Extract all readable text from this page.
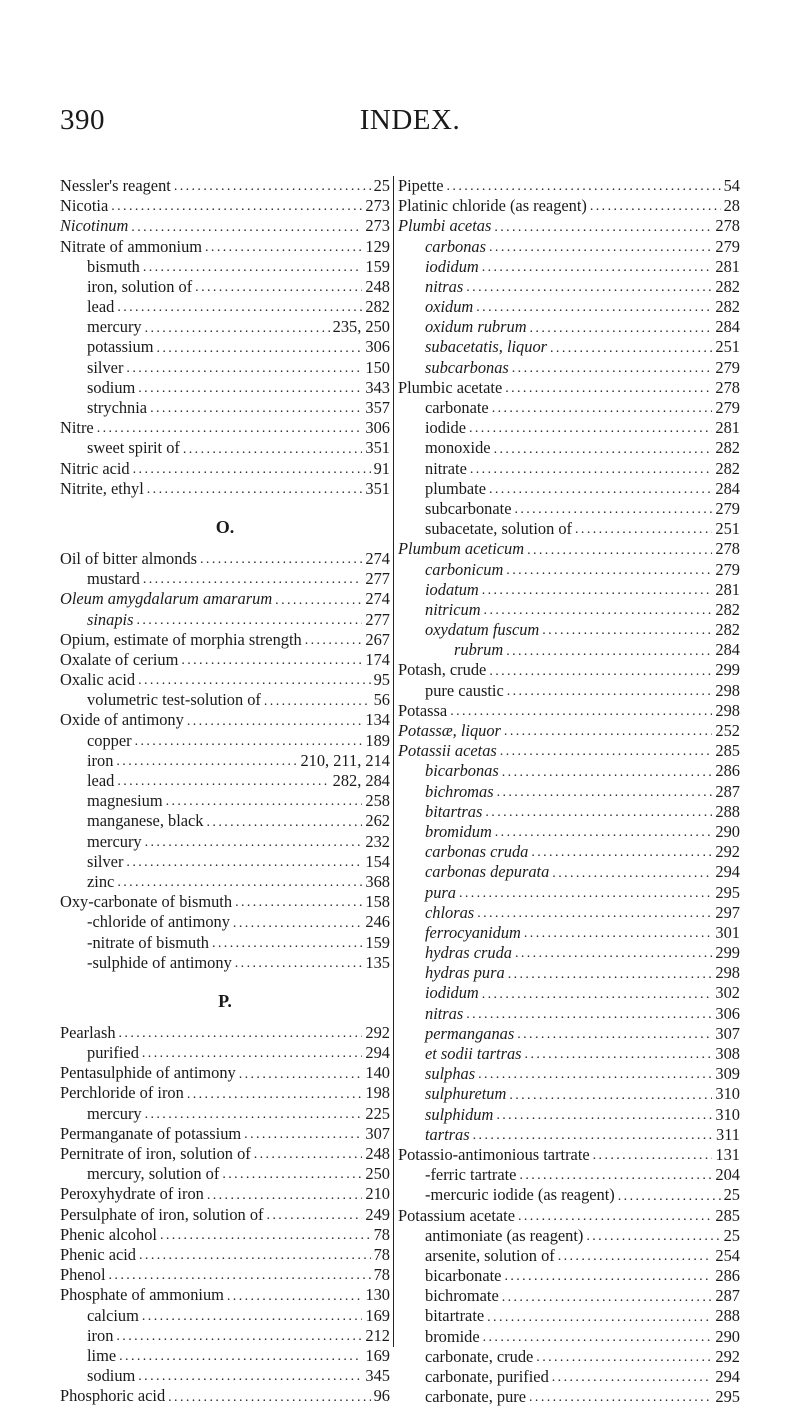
390	INDEX.
Nessler's reagent .....	25
Nicotia .....	273
Nicotinum .....	273
Nitrate of ammonium .....	129
bismuth .....	159
iron, solution of .....	248
lead .....	282
mercury .....	235, 250
potassium .....	306
silver .....	150
sodium .....	343
strychnia .....	357
Nitre .....	306
sweet spirit of .....	351
Nitric acid .....	91
Nitrite, ethyl .....	351
O.
Oil of bitter almonds .....	274
mustard .....	277
Oleum amygdalarum amararum .....	274
sinapis .....	277
Opium, estimate of morphia strength .....	267
Oxalate of cerium .....	174
Oxalic acid .....	95
volumetric test-solution of .....	56
Oxide of antimony .....	134
copper .....	189
iron .....	210, 211, 214
lead .....	282, 284
magnesium .....	258
manganese, black .....	262
mercury .....	232
silver .....	154
zinc .....	368
Oxy-carbonate of bismuth .....	158
-chloride of antimony .....	246
-nitrate of bismuth .....	159
-sulphide of antimony .....	135
P.
Pearlash .....	292
purified .....	294
Pentasulphide of antimony .....	140
Perchloride of iron .....	198
mercury .....	225
Permanganate of potassium .....	307
Pernitrate of iron, solution of .....	248
mercury, solution of .....	250
Peroxyhydrate of iron .....	210
Persulphate of iron, solution of .....	249
Phenic alcohol .....	78
Phenic acid .....	78
Phenol .....	78
Phosphate of ammonium .....	130
calcium .....	169
iron .....	212
lime .....	169
sodium .....	345
Phosphoric acid .....	96
Pipette .....	54
Platinic chloride (as reagent) .....	28
Plumbi acetas .....	278
carbonas .....	279
iodidum .....	281
nitras .....	282
oxidum .....	282
oxidum rubrum .....	284
subacetatis, liquor .....	251
subcarbonas .....	279
Plumbic acetate .....	278
carbonate .....	279
iodide .....	281
monoxide .....	282
nitrate .....	282
plumbate .....	284
subcarbonate .....	279
subacetate, solution of .....	251
Plumbum aceticum .....	278
carbonicum .....	279
iodatum .....	281
nitricum .....	282
oxydatum fuscum .....	282
rubrum .....	284
Potash, crude .....	299
pure caustic .....	298
Potassa .....	298
Potassæ, liquor .....	252
Potassii acetas .....	285
bicarbonas .....	286
bichromas .....	287
bitartras .....	288
bromidum .....	290
carbonas cruda .....	292
carbonas depurata .....	294
pura .....	295
chloras .....	297
ferrocyanidum .....	301
hydras cruda .....	299
hydras pura .....	298
iodidum .....	302
nitras .....	306
permanganas .....	307
et sodii tartras .....	308
sulphas .....	309
sulphuretum .....	310
sulphidum .....	310
tartras .....	311
Potassio-antimonious tartrate .....	131
-ferric tartrate .....	204
-mercuric iodide (as reagent) .....	25
Potassium acetate .....	285
antimoniate (as reagent) .....	25
arsenite, solution of .....	254
bicarbonate .....	286
bichromate .....	287
bitartrate .....	288
bromide .....	290
carbonate, crude .....	292
carbonate, purified .....	294
carbonate, pure .....	295
